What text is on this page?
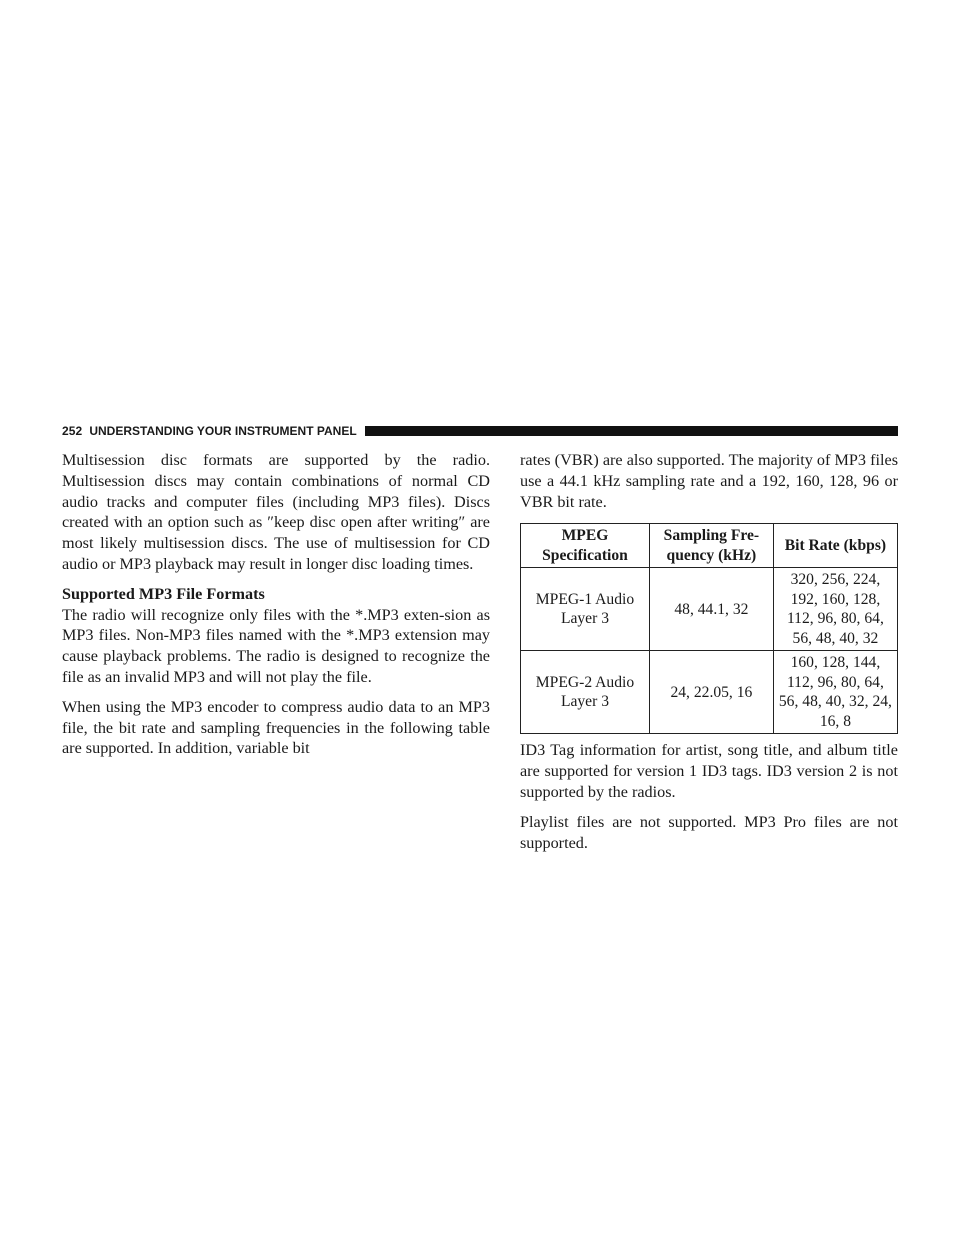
252 UNDERSTANDING YOUR INSTRUMENT PANEL

Multisession disc formats are supported by the radio. Multisession discs may contain combinations of normal CD audio tracks and computer files (including MP3 files). Discs created with an option such as ″keep disc open after writing″ are most likely multisession discs. The use of multisession for CD audio or MP3 playback may result in longer disc loading times.

Supported MP3 File Formats

The radio will recognize only files with the *.MP3 exten-sion as MP3 files. Non-MP3 files named with the *.MP3 extension may cause playback problems. The radio is designed to recognize the file as an invalid MP3 and will not play the file.

When using the MP3 encoder to compress audio data to an MP3 file, the bit rate and sampling frequencies in the following table are supported. In addition, variable bit

rates (VBR) are also supported. The majority of MP3 files use a 44.1 kHz sampling rate and a 192, 160, 128, 96 or VBR bit rate.

MPEG Specification	Sampling Fre-quency (kHz)	Bit Rate (kbps)
MPEG-1 Audio Layer 3	48, 44.1, 32	320, 256, 224, 192, 160, 128, 112, 96, 80, 64, 56, 48, 40, 32
MPEG-2 Audio Layer 3	24, 22.05, 16	160, 128, 144, 112, 96, 80, 64, 56, 48, 40, 32, 24, 16, 8

ID3 Tag information for artist, song title, and album title are supported for version 1 ID3 tags. ID3 version 2 is not supported by the radios.

Playlist files are not supported. MP3 Pro files are not supported.
